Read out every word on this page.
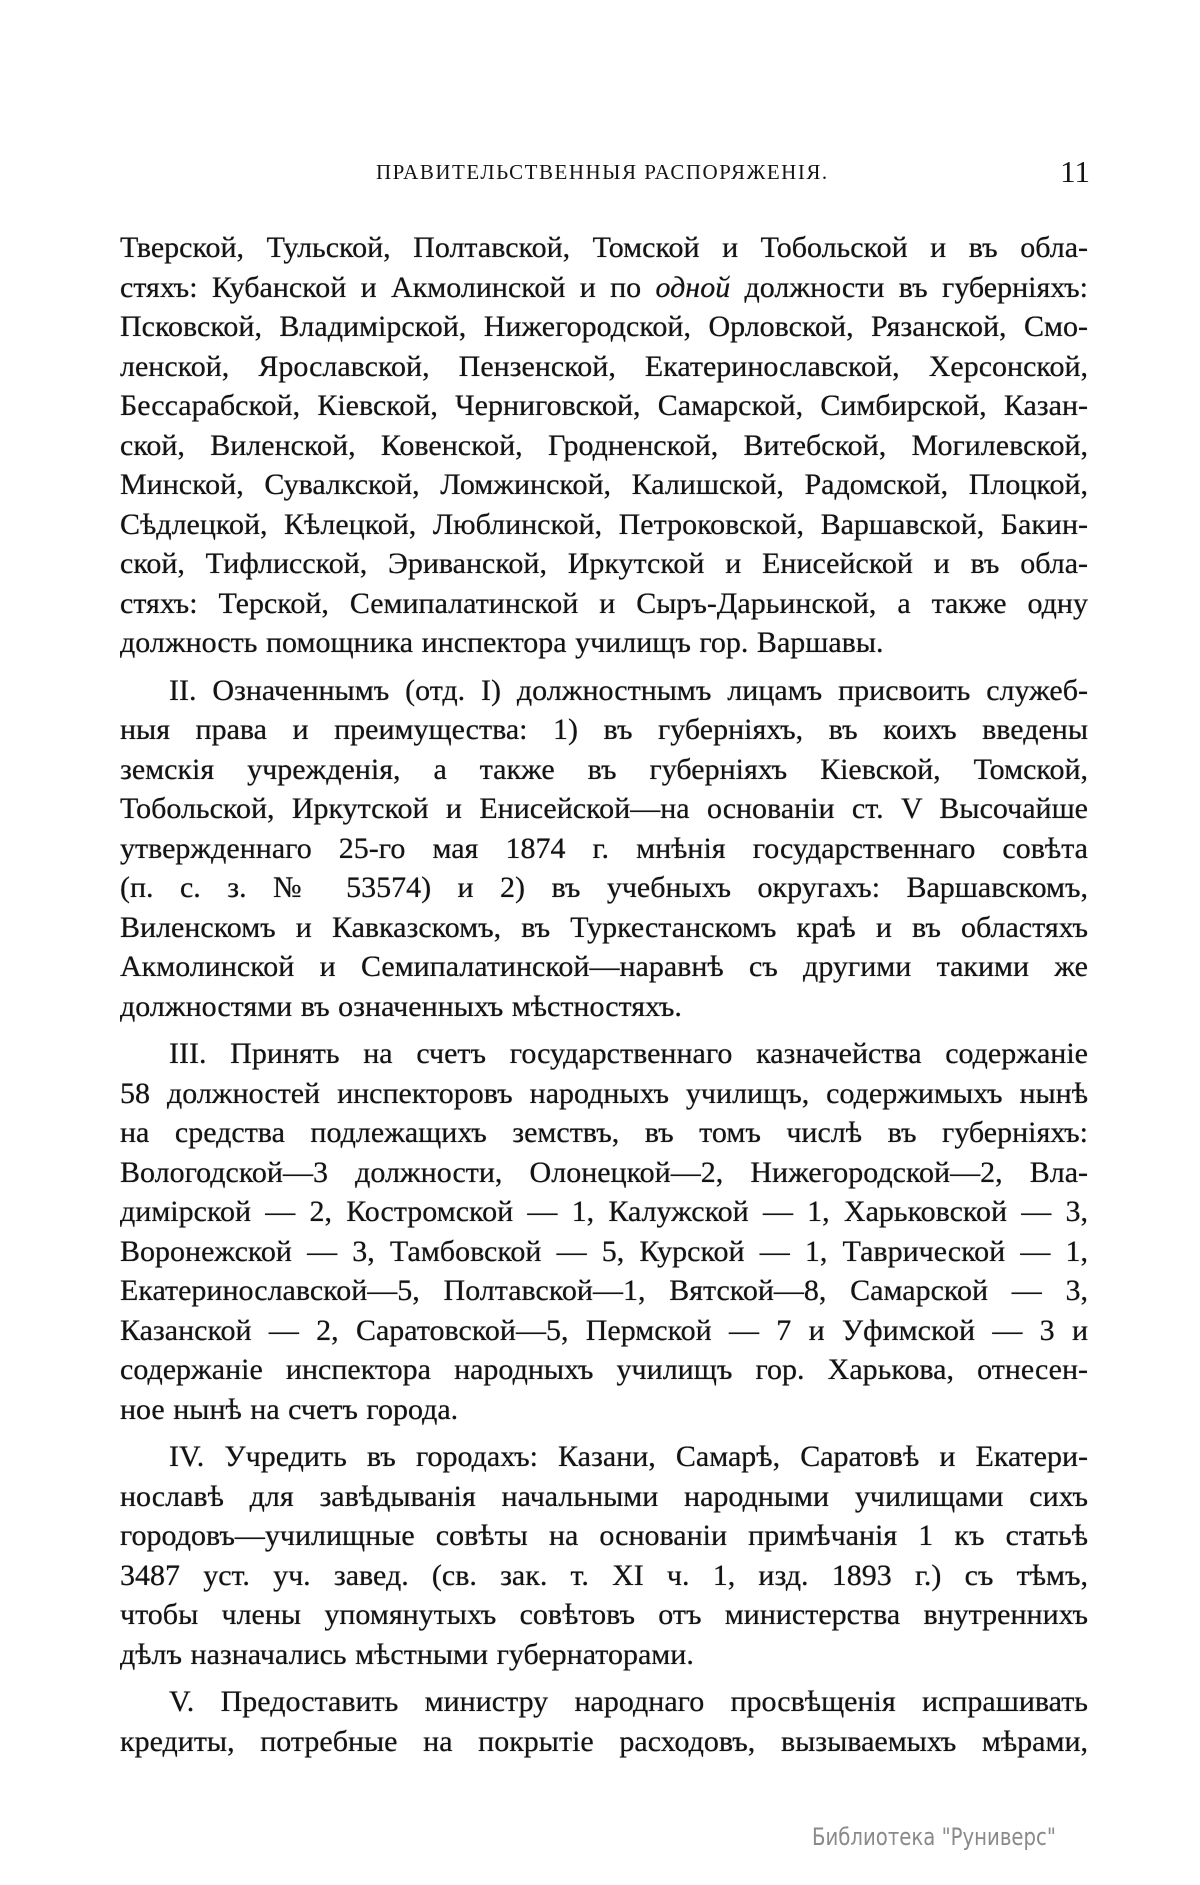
ПРАВИТЕЛЬСТВЕННЫЯ РАСПОРЯЖЕНІЯ.	11
Тверской, Тульской, Полтавской, Томской и Тобольской и въ обла-
стяхъ: Кубанской и Акмолинской и по одной должности въ губерніяхъ:
Псковской, Владимірской, Нижегородской, Орловской, Рязанской, Смо-
ленской, Ярославской, Пензенской, Екатеринославской, Херсонской,
Бессарабской, Кіевской, Черниговской, Самарской, Симбирской, Казан-
ской, Виленской, Ковенской, Гродненской, Витебской, Могилевской,
Минской, Сувалкской, Ломжинской, Калишской, Радомской, Плоцкой,
Сѣдлецкой, Кѣлецкой, Люблинской, Петроковской, Варшавской, Бакин-
ской, Тифлисской, Эриванской, Иркутской и Енисейской и въ обла-
стяхъ: Терской, Семипалатинской и Сыръ-Дарьинской, а также одну
должность помощника инспектора училищъ гор. Варшавы.
II. Означеннымъ (отд. I) должностнымъ лицамъ присвоить служеб-
ныя права и преимущества: 1) въ губерніяхъ, въ коихъ введены
земскія учрежденія, а также въ губерніяхъ Кіевской, Томской,
Тобольской, Иркутской и Енисейской—на основаніи ст. V Высочайше
утвержденнаго 25-го мая 1874 г. мнѣнія государственнаго совѣта
(п. с. з. № 53574) и 2) въ учебныхъ округахъ: Варшавскомъ,
Виленскомъ и Кавказскомъ, въ Туркестанскомъ краѣ и въ областяхъ
Акмолинской и Семипалатинской—наравнѣ съ другими такими же
должностями въ означенныхъ мѣстностяхъ.
III. Принять на счетъ государственнаго казначейства содержаніе
58 должностей инспекторовъ народныхъ училищъ, содержимыхъ нынѣ
на средства подлежащихъ земствъ, въ томъ числѣ въ губерніяхъ:
Вологодской—3 должности, Олонецкой—2, Нижегородской—2, Вла-
димірской — 2, Костромской — 1, Калужской — 1, Харьковской — 3,
Воронежской — 3, Тамбовской — 5, Курской — 1, Таврической — 1,
Екатеринославской—5, Полтавской—1, Вятской—8, Самарской — 3,
Казанской — 2, Саратовской—5, Пермской — 7 и Уфимской — 3 и
содержаніе инспектора народныхъ училищъ гор. Харькова, отнесен-
ное нынѣ на счетъ города.
IV. Учредить въ городахъ: Казани, Самарѣ, Саратовѣ и Екатери-
нославѣ для завѣдыванія начальными народными училищами сихъ
городовъ—училищные совѣты на основаніи примѣчанія 1 къ статьѣ
3487 уст. уч. завед. (св. зак. т. XI ч. 1, изд. 1893 г.) съ тѣмъ,
чтобы члены упомянутыхъ совѣтовъ отъ министерства внутреннихъ
дѣлъ назначались мѣстными губернаторами.
V. Предоставить министру народнаго просвѣщенія испрашивать
кредиты, потребные на покрытіе расходовъ, вызываемыхъ мѣрами,
Библиотека "Руниверс"
